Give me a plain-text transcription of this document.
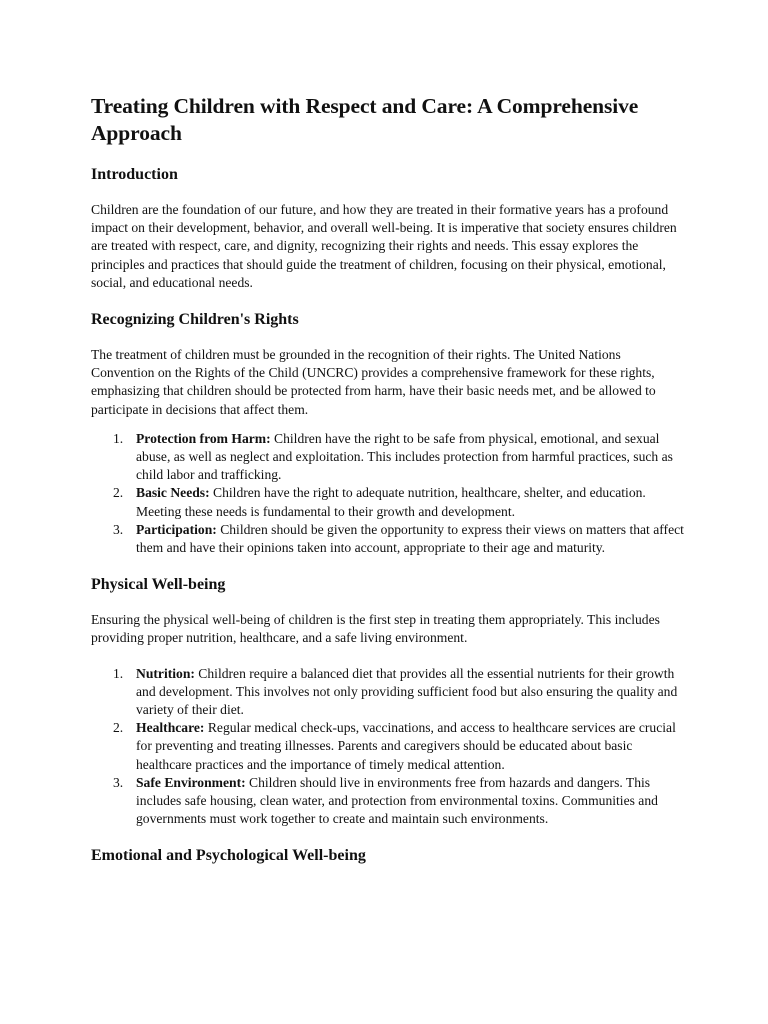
Treating Children with Respect and Care: A Comprehensive Approach
Introduction

Children are the foundation of our future, and how they are treated in their formative years has a profound impact on their development, behavior, and overall well-being. It is imperative that society ensures children are treated with respect, care, and dignity, recognizing their rights and needs. This essay explores the principles and practices that should guide the treatment of children, focusing on their physical, emotional, social, and educational needs.

Recognizing Children's Rights

The treatment of children must be grounded in the recognition of their rights. The United Nations Convention on the Rights of the Child (UNCRC) provides a comprehensive framework for these rights, emphasizing that children should be protected from harm, have their basic needs met, and be allowed to participate in decisions that affect them.

1. Protection from Harm: Children have the right to be safe from physical, emotional, and sexual abuse, as well as neglect and exploitation. This includes protection from harmful practices, such as child labor and trafficking.
2. Basic Needs: Children have the right to adequate nutrition, healthcare, shelter, and education. Meeting these needs is fundamental to their growth and development.
3. Participation: Children should be given the opportunity to express their views on matters that affect them and have their opinions taken into account, appropriate to their age and maturity.
Physical Well-being

Ensuring the physical well-being of children is the first step in treating them appropriately. This includes providing proper nutrition, healthcare, and a safe living environment.

1. Nutrition: Children require a balanced diet that provides all the essential nutrients for their growth and development. This involves not only providing sufficient food but also ensuring the quality and variety of their diet.
2. Healthcare: Regular medical check-ups, vaccinations, and access to healthcare services are crucial for preventing and treating illnesses. Parents and caregivers should be educated about basic healthcare practices and the importance of timely medical attention.
3. Safe Environment: Children should live in environments free from hazards and dangers. This includes safe housing, clean water, and protection from environmental toxins. Communities and governments must work together to create and maintain such environments.
Emotional and Psychological Well-being
